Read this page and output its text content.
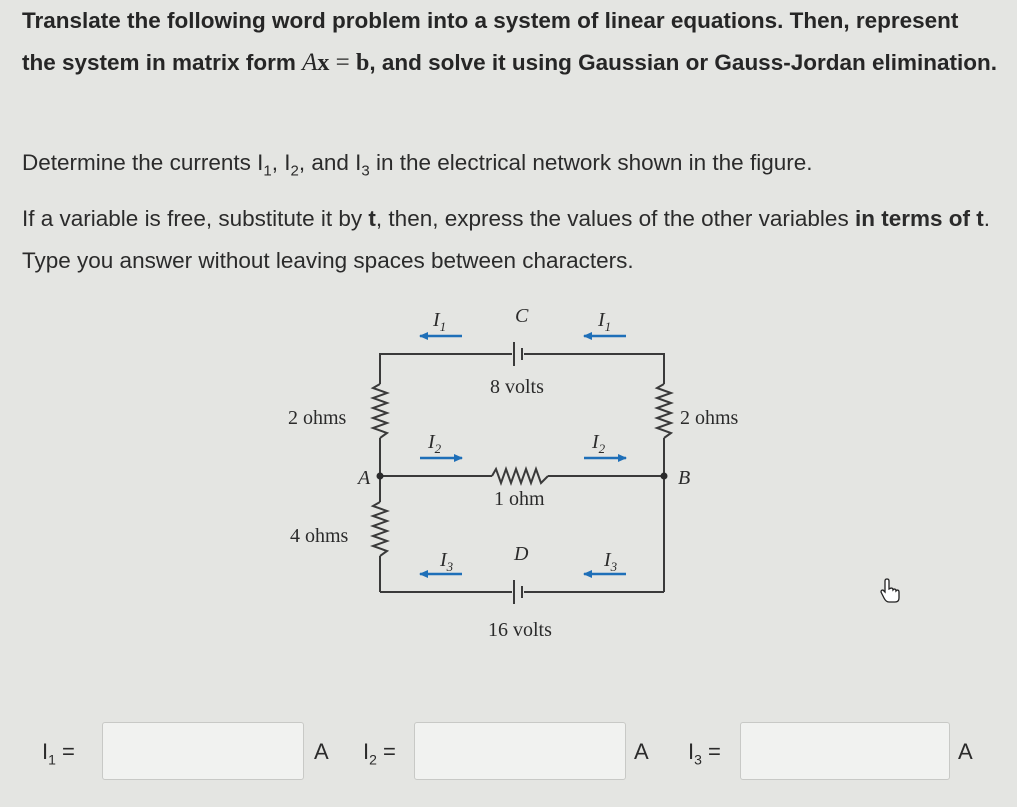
Translate the following word problem into a system of linear equations. Then, represent the system in matrix form Ax = b, and solve it using Gaussian or Gauss-Jordan elimination.

Determine the currents $I_1$, $I_2$, and $I_3$ in the electrical network shown in the figure.

If a variable is free, substitute it by t, then, express the values of the other variables in terms of t. Type you answer without leaving spaces between characters.

$I_1$	C	$I_1$
8 volts
2 ohms	2 ohms
$I_2$	$I_2$
A	B
1 ohm
4 ohms
$I_3$
D	$I_3$
16 volts
$I_1$ =	A $I_2$ =	A $I_3$ =	A
